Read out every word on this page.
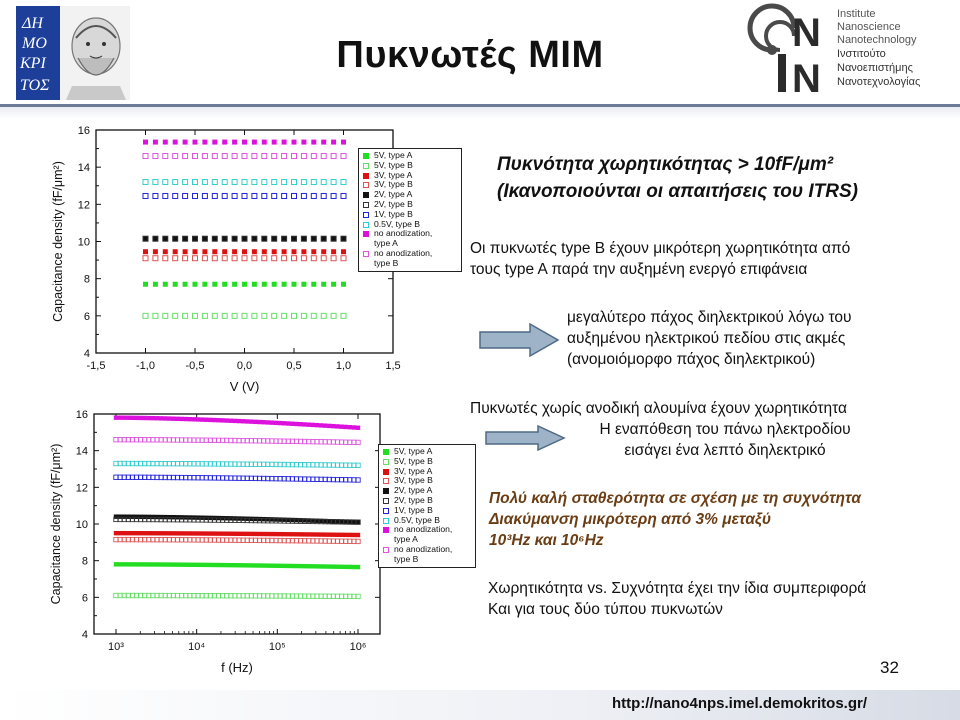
ΔΗ
ΜΟ
ΚΡΙ
ΤΟΣ
Πυκνωτές MIM	N
N
Institute
Nanoscience
Nanotechnology
Ινστιτούτο
Νανοεπιστήμης
Νανοτεχνολογίας
4
6
8
10
12
14
16
-1,5	-1,0	-0,5	0,0	0,5	1,0	1,5
V (V)
Capacitance density (fF/μm²)
5V, type A
5V, type B
3V, type A
3V, type B
2V, type A
2V, type B
1V, type B
0.5V, type B
no anodization,
type A
no anodization,
type B
4
6
8
10
12
14
16
10³	10⁴	10⁵	10⁶
f (Hz)
Capacitance density (fF/μm²)	5V, type A
5V, type B
3V, type A
3V, type B
2V, type A
2V, type B
1V, type B
0.5V, type B
no anodization,
type A
no anodization,
type B
Πυκνότητα χωρητικότητας > 10fF/μm²
(Ικανοποιούνται οι απαιτήσεις του ITRS)
Οι πυκνωτές type B έχουν μικρότερη χωρητικότητα από
τους type A παρά την αυξημένη ενεργό επιφάνεια
μεγαλύτερο πάχος διηλεκτρικού λόγω του
αυξημένου ηλεκτρικού πεδίου στις ακμές
(ανομοιόμορφο πάχος διηλεκτρικού)
Πυκνωτές χωρίς ανοδική αλουμίνα έχουν χωρητικότητα
Η εναπόθεση του πάνω ηλεκτροδίου
εισάγει ένα λεπτό διηλεκτρικό
Πολύ καλή σταθερότητα σε σχέση με τη συχνότητα
Διακύμανση μικρότερη από 3% μεταξύ
10³Hz και 10⁶Hz
Χωρητικότητα vs. Συχνότητα έχει την ίδια συμπεριφορά
Και για τους δύο τύπου πυκνωτών
32
http://nano4nps.imel.demokritos.gr/
